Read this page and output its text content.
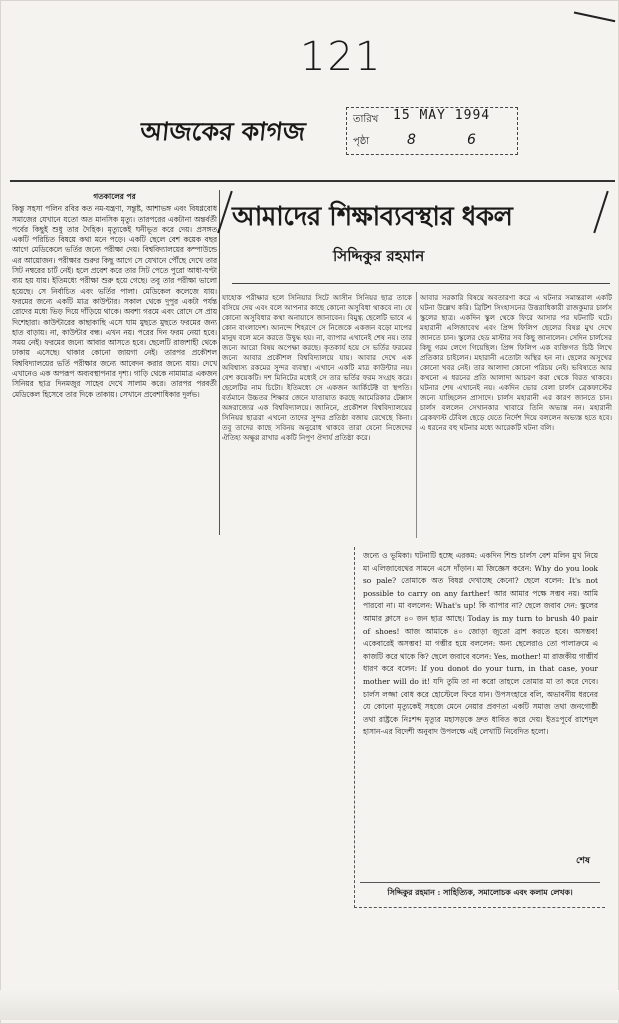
121
আজকের কাগজ	তারিখ 15 MAY 1994
পৃষ্ঠা	8	6
গতকালের পর
কিন্তু সহসা পলিন রবির কত নম-যন্ত্রণা, সন্তুষ্ট, আশাভঙ্গ এবং বিষণ্ণবোধ সমাজের যেখানে যতো অত মানসিক মৃত্যু। তারপরের একটানা অন্তর্বর্তী পর্বের কিছুই শুধু তার দৈহিক। মৃত্যুকেই ঘনীভূত করে দেয়। প্রসঙ্গত একটি পরিচিত বিষয়ে কথা মনে পড়ে। একটি ছেলে বেশ কয়েক বছর আগে মেডিকেলে ভর্তির জন্যে পরীক্ষা দেয়। বিশ্ববিদ্যালয়ের কম্পাউন্ডে এর আয়োজন। পরীক্ষার শুরুর কিছু আগে সে যেখানে পৌঁছে দেখে তার সিট নম্বরের চার্ট নেই। হলে প্রবেশ করে তার সিট পেতে পুরো আধা-ঘণ্টা ব্যয় হয় যায়। ইতিমধ্যে পরীক্ষা শুরু হয়ে গেছে। তবু তার পরীক্ষা ভালো হয়েছে। সে নির্বাচিত এবং ভর্তির পালা। মেডিকেল কলেজে যায়। ফরমের জন্যে একটি মাত্র কাউন্টার। সকাল থেকে দুপুর একটা পর্যন্ত রোদের মধ্যে ভিড় দিয়ে দাঁড়িয়ে থাকে। অবশ্য গরমে এবং রোদে সে প্রায় দিশেহারা। কাউন্টারের কাছাকাছি এসে ঘাম মুছতে মুছতে ফরমের জন্য হাত বাড়ায়। না, কাউন্টার বন্ধ। এখন নয়। পরের দিন ফরম নেয়া হবে। সময় নেই। ফরমের জন্যে আবার আসতে হবে। ছেলেটি রাজশাহী থেকে ঢাকায় এসেছে। থাকার কোনো জায়গা নেই। তারপর প্রকৌশল বিশ্ববিদ্যালয়ের ভর্তি পরীক্ষার জন্যে আবেদন করার জন্যে যায়। দেখে এখানেও এক অপরূপ অব্যবস্থাপনার দৃশ্য। গাড়ি থেকে নামামাত্র একজন সিনিয়র ছাত্র দিনমজুর সাহেব দেখে সালাম করে। তারপর পরবর্তী মেডিকেল হিসেবে তার দিকে তাকায়। সেখানে প্রবেশাধিকার দুর্লভ।
আমাদের শিক্ষাব্যবস্থার ধকল
সিদ্দিকুর রহমান
যাহোক পরীক্ষার হলে সিনিয়ার সিটে আসীন সিনিয়র ছাত্র তাকে বসিয়ে দেয় এবং বলে আপনার কাছে কোনো অসুবিধা থাকবে না। যে কোনো অসুবিধার কথা অনায়াসে জানাবেন। বিমুগ্ধ ছেলেটি ভাবে এ কোন বাংলাদেশ। আনন্দে শিহরণে সে নিজেকে একজন বড়ো মাপের মানুষ বলে মনে করতে উদ্বুদ্ধ হয়। না, ব্যাপার এখানেই শেষ নয়। তার জন্যে আরো বিষয় অপেক্ষা করছে। কৃতকার্য হয়ে সে ভর্তির ফরমের জন্যে আবার প্রকৌশল বিশ্ববিদ্যালয়ে যায়। আবার দেখে এক অবিশ্বাস্য রকমের সুন্দর ব্যবস্থা। এখানে একটি মাত্র কাউন্টার নয়। বেশ কয়েকটি। দশ মিনিটের মধ্যেই সে তার ভর্তির ফরম সংগ্রহ করে। ছেলেটির নাম চিটো। ইতিমধ্যে সে একজন আর্কিটেক্ট বা স্থপতি। বর্তমানে উচ্চতর শিক্ষার জেনে যাতায়াত করছে আমেরিকার টেক্সাস অঙ্গরাজ্যের এক বিশ্ববিদ্যালয়ে। জানিনে, প্রকৌশল বিশ্ববিদ্যালয়ের সিনিয়র ছাত্ররা এখনো তাদের সুন্দর প্রতিষ্ঠা বজায় রেখেছে কিনা। তবু তাদের কাছে সবিনয় অনুরোধ থাকবে তারা যেনো নিজেদের ঐতিহ্য অক্ষুণ্ণ রাখার একটি নিপুণ ঔদার্য প্রতিষ্ঠা করে।
আবার সরকারি বিষয়ে অবতারণা করে এ ঘটনার সমান্তরাল একটি ঘটনা উল্লেখ করি। ব্রিটিশ সিংহাসনের উত্তরাধিকারী রাজকুমার চার্লস স্কুলের ছাত্র। একদিন স্কুল থেকে ফিরে আসার পর ঘটনাটি ঘটে। মহারানী এলিজাবেথ এবং প্রিন্স ফিলিপ ছেলের বিষণ্ণ মুখ দেখে জানতে চান। স্কুলের হেড মাস্টার সব কিছু জানালেন। সেদিন চার্লসের কিছু গরম লেগে গিয়েছিল। প্রিন্স ফিলিপ এক ব্যক্তিগত চিঠি লিখে প্রতিকার চাইলেন। মহারানী এতোটা অস্থির হন না। ছেলের অসুখের কোনো খবর নেই। তার আলাদা কোনো পরিচয় নেই। ভবিষ্যতে আর কখনো এ ধরনের প্রতি আলাদা আচরণ করা থেকে বিরত থাকবে। ঘটনার শেষ এখানেই নয়। একদিন ভোর বেলা চার্লস ব্রেকফাস্টের জন্যে যাচ্ছিলেন প্রাসাদে। চার্লস মহারানী এর কারণ জানতে চান। চার্লস বললেন সেখানকার খাবারে তিনি অভ্যস্ত নন। মহারানী ব্রেকফাস্ট টেবিল ছেড়ে যেতে নির্দেশ দিয়ে বললেন অভ্যস্ত হতে হবে। এ ধরনের বহু ঘটনার মধ্যে আরেকটি ঘটনা বলি।
জন্যে ও ভূমিকা। ঘটনাটি হচ্ছে এরকম: একদিন শিশু চার্লস বেশ মলিন মুখ নিয়ে মা এলিজাবেথের সামনে এসে দাঁড়ান। মা জিজ্ঞেস করেন: Why do you look so pale? তোমাকে অত বিষণ্ণ দেখাচ্ছে কেনো? ছেলে বলেন: It's not possible to carry on any farther! আর আমার পক্ষে সম্ভব নয়। আমি পারবো না। মা বললেন: What's up! কি ব্যাপার না? ছেলে জবাব দেন: স্কুলের আমার ক্লাসে ৪০ জন ছাত্র আছে। Today is my turn to brush 40 pair of shoes! আজ আমাকে ৪০ জোড়া জুতো ব্রাশ করতে হবে। অসম্ভব! একেবারেই অসম্ভব! মা গম্ভীর হয়ে বললেন: অন্য ছেলেরাও তো পালাক্রমে এ কাজটি করে থাকে কি? ছেলে জবাবে বলেন: Yes, mother! মা রাজকীয় গাম্ভীর্য ধারণ করে বলেন: If you donot do your turn, in that case, your mother will do it! যদি তুমি তা না করো তাহলে তোমার মা তা করে দেবে। চার্লস লজ্জা বোধ করে হোস্টেলে ফিরে যান। উপসংহারে বলি, অভাবনীয় ধরনের যে কোনো মৃত্যুকেই সহজে মেনে নেয়ার প্রবণতা একটি সমাজ তথা জনগোষ্ঠী তথা রাষ্ট্রকে নিঃশব্দ মৃত্যুর মহাসড়কে দ্রুত ধাবিত করে দেয়। ইতঃপূর্বে রাশেদুল হাসান-এর বিদেশী অনুবাদ উপলক্ষে এই লেখাটি নিবেদিত হলো।
শেষ
সিদ্দিকুর রহমান : সাহিত্যিক, সমালোচক এবং কলাম লেখক।
